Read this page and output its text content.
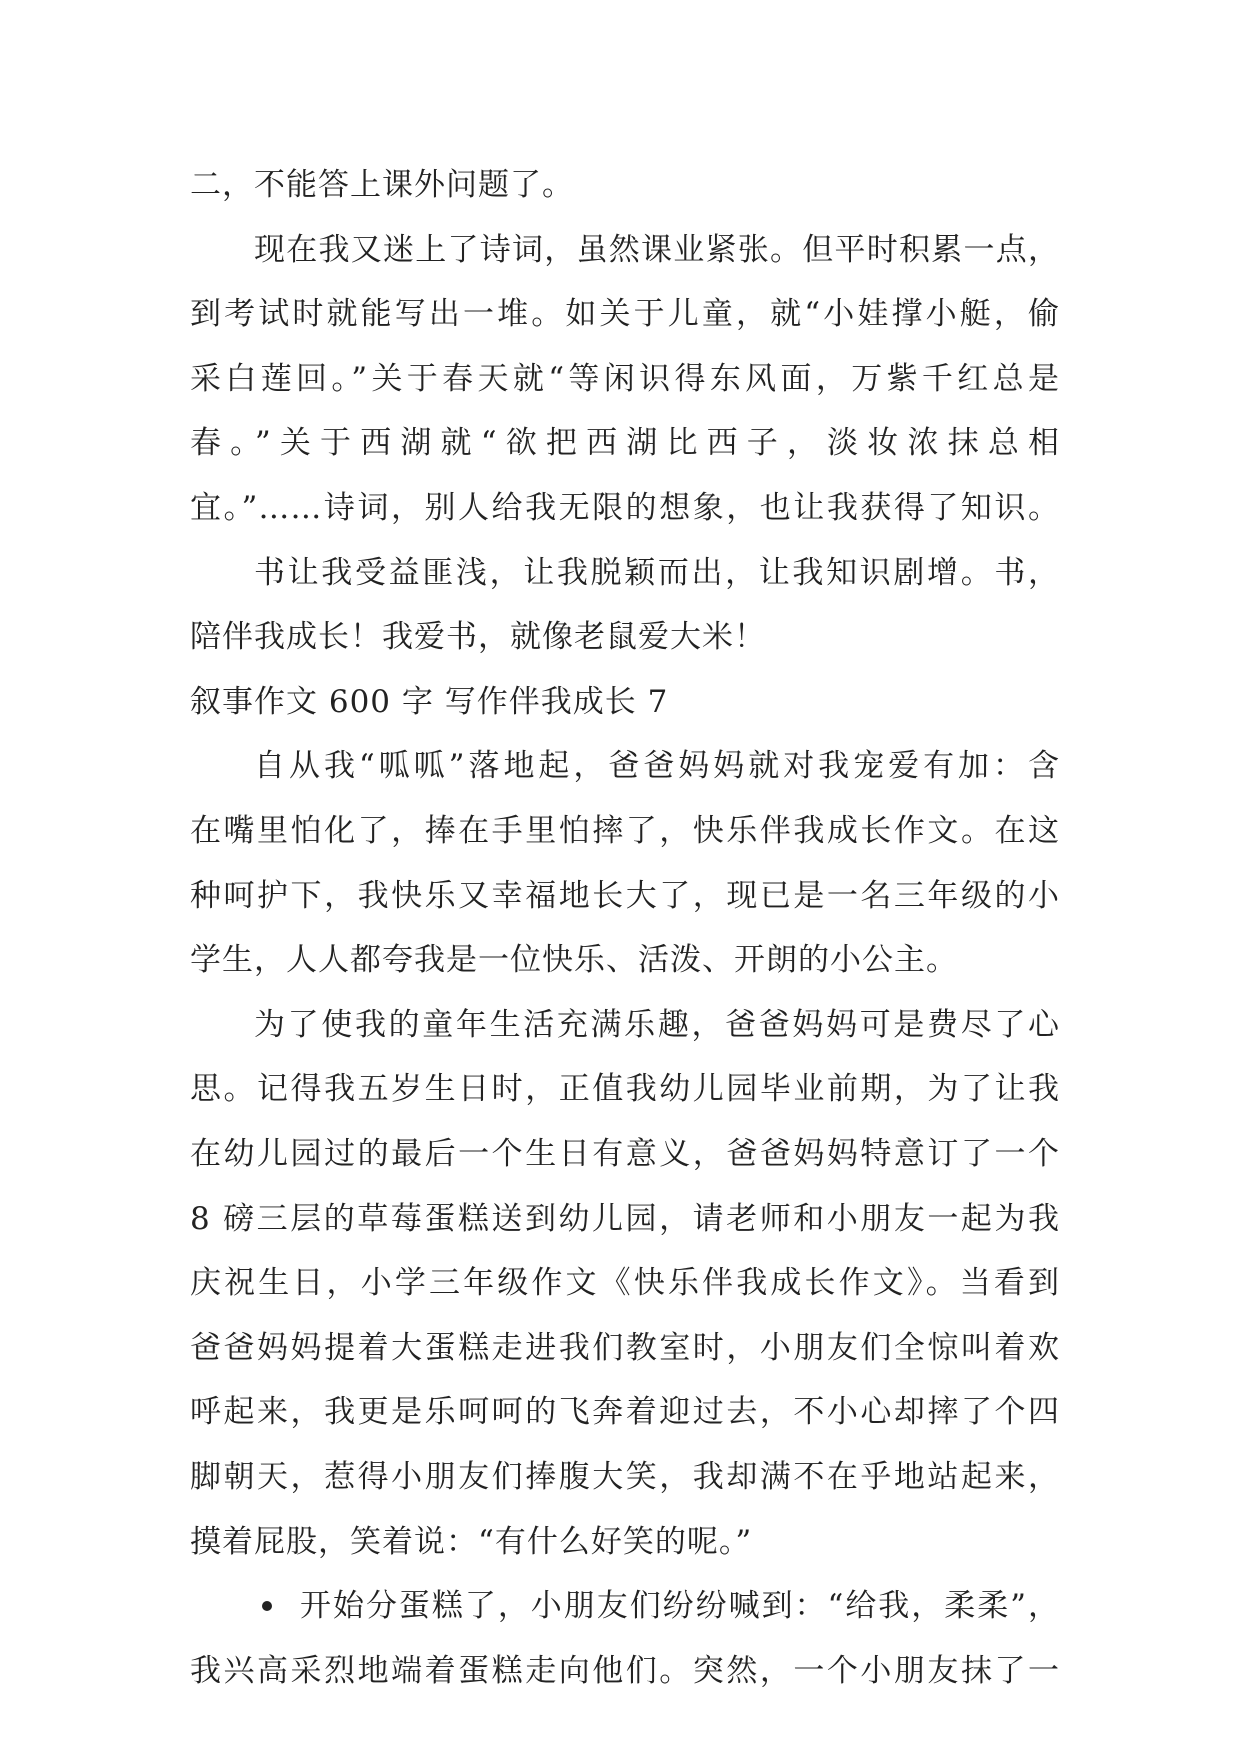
二，不能答上课外问题了。
现在我又迷上了诗词，虽然课业紧张。但平时积累一点，
到考试时就能写出一堆。如关于儿童，就“小娃撑小艇，偷
采白莲回。”关于春天就“等闲识得东风面，万紫千红总是
春。”关于西湖就“欲把西湖比西子，淡妆浓抹总相
宜。”……诗词，别人给我无限的想象，也让我获得了知识。
书让我受益匪浅，让我脱颖而出，让我知识剧增。书，
陪伴我成长！我爱书，就像老鼠爱大米！
叙事作文 600 字 写作伴我成长 7
自从我“呱呱”落地起，爸爸妈妈就对我宠爱有加：含
在嘴里怕化了，捧在手里怕摔了，快乐伴我成长作文。在这
种呵护下，我快乐又幸福地长大了，现已是一名三年级的小
学生，人人都夸我是一位快乐、活泼、开朗的小公主。
为了使我的童年生活充满乐趣，爸爸妈妈可是费尽了心
思。记得我五岁生日时，正值我幼儿园毕业前期，为了让我
在幼儿园过的最后一个生日有意义，爸爸妈妈特意订了一个
8 磅三层的草莓蛋糕送到幼儿园，请老师和小朋友一起为我
庆祝生日，小学三年级作文《快乐伴我成长作文》。当看到
爸爸妈妈提着大蛋糕走进我们教室时，小朋友们全惊叫着欢
呼起来，我更是乐呵呵的飞奔着迎过去，不小心却摔了个四
脚朝天，惹得小朋友们捧腹大笑，我却满不在乎地站起来，
摸着屁股，笑着说：“有什么好笑的呢。”
开始分蛋糕了，小朋友们纷纷喊到：“给我，柔柔”，
我兴高采烈地端着蛋糕走向他们。突然，一个小朋友抹了一
